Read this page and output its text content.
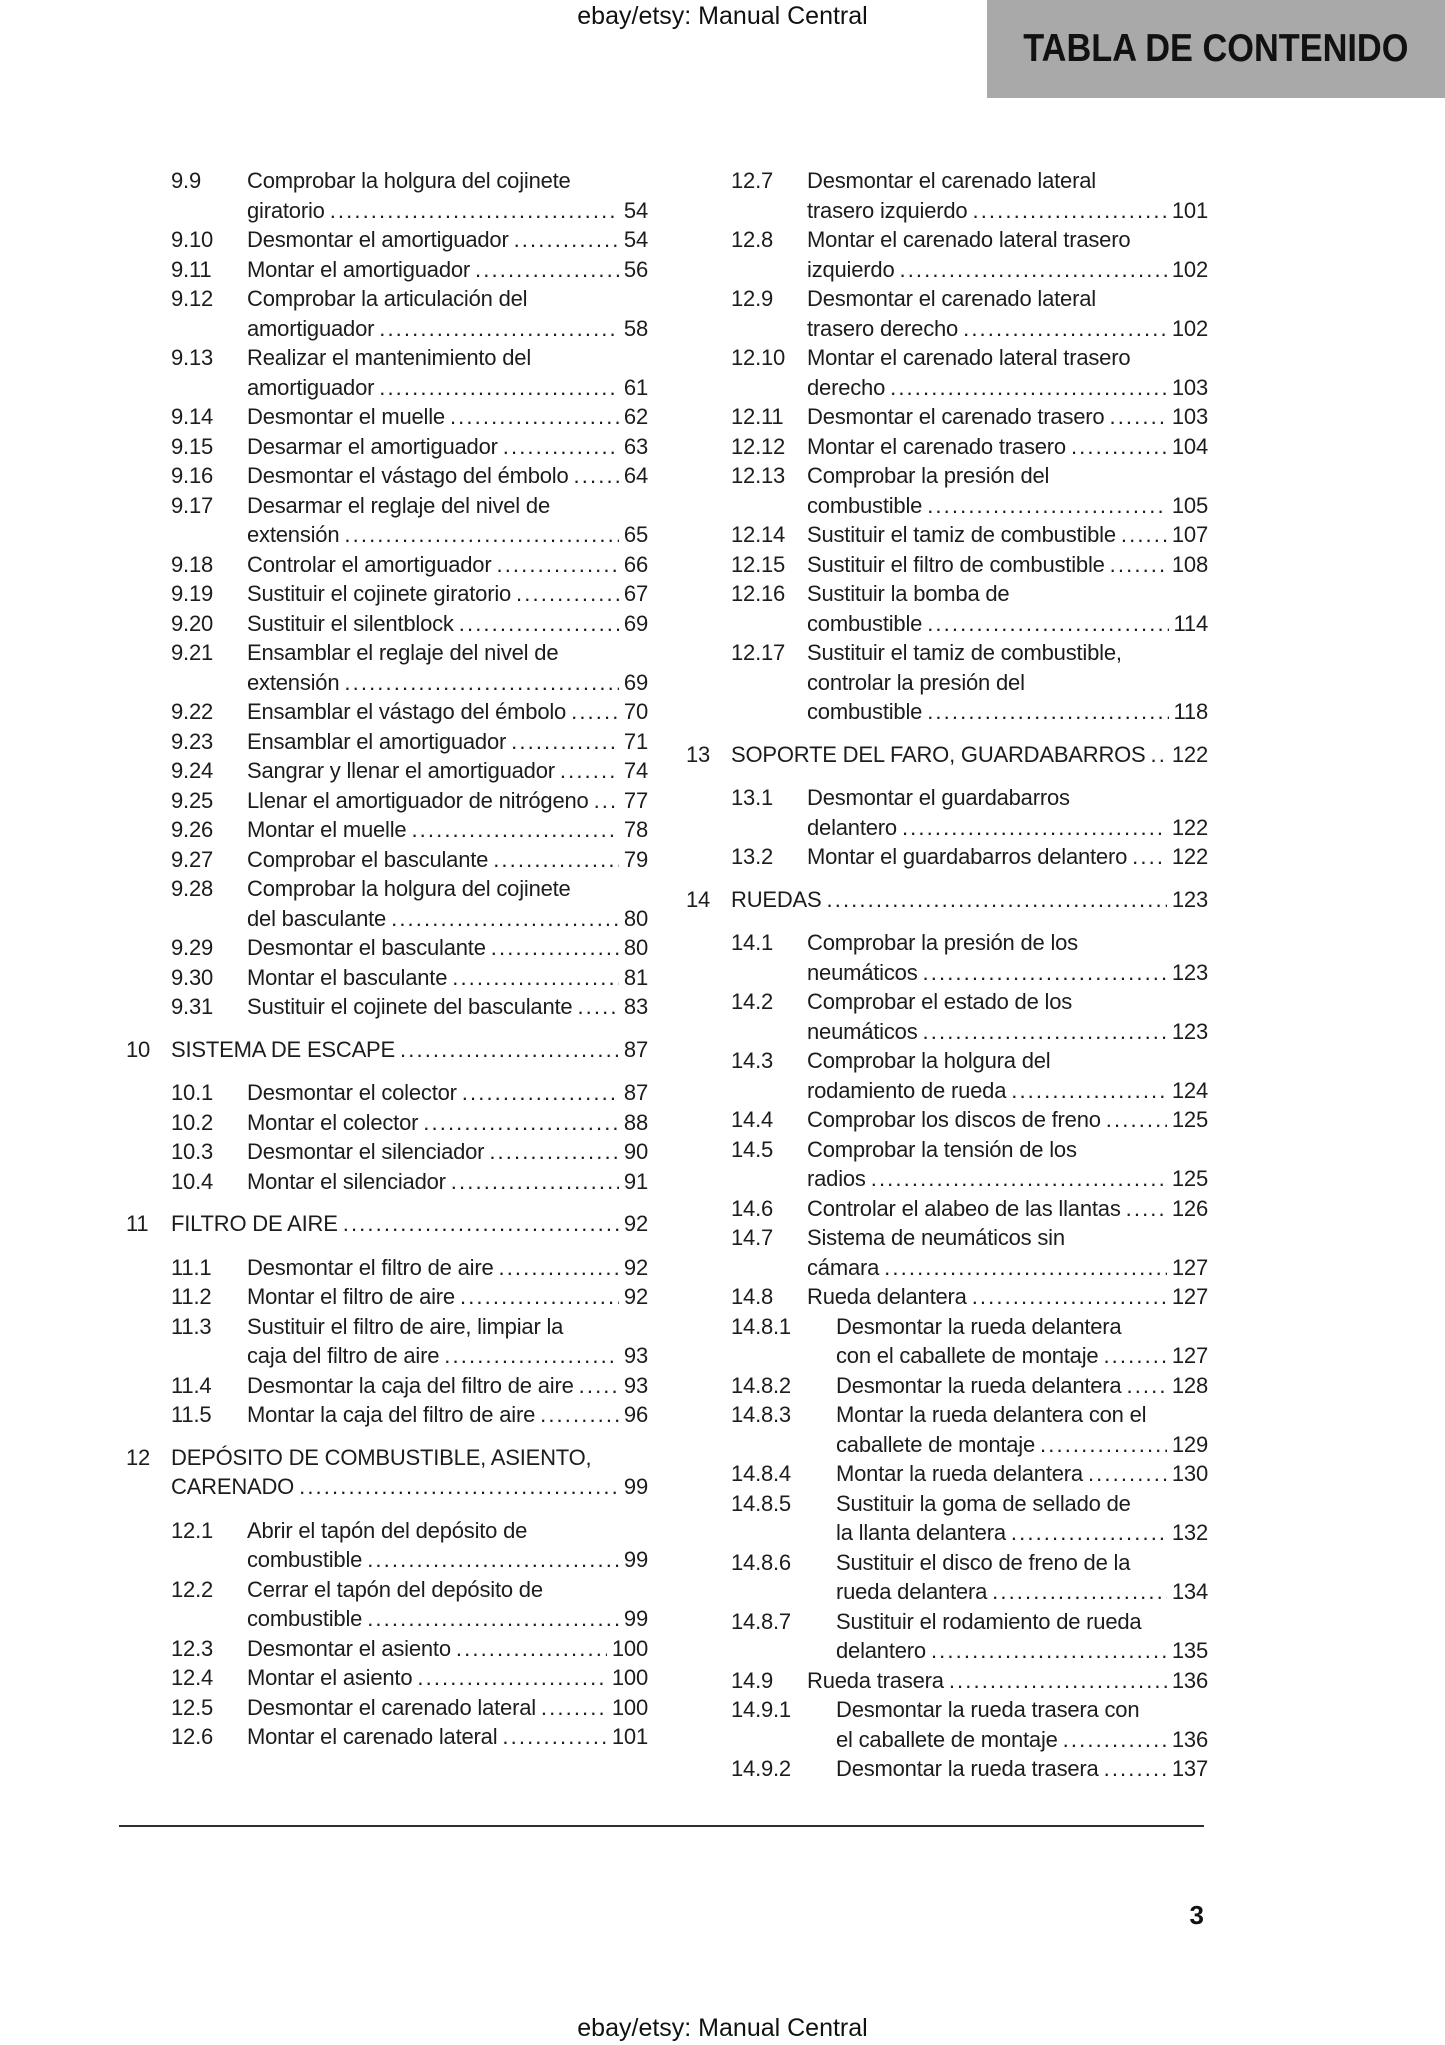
ebay/etsy: Manual Central
TABLA DE CONTENIDO
9.9	Comprobar la holgura del cojinete
giratorio . . .	54
9.10	Desmontar el amortiguador . . .	54
9.11	Montar el amortiguador . . .	56
9.12	Comprobar la articulación del
amortiguador . . .	58
9.13	Realizar el mantenimiento del
amortiguador . . .	61
9.14	Desmontar el muelle . . .	62
9.15	Desarmar el amortiguador . . .	63
9.16	Desmontar el vástago del émbolo . . .	64
9.17	Desarmar el reglaje del nivel de
extensión . . .	65
9.18	Controlar el amortiguador . . .	66
9.19	Sustituir el cojinete giratorio . . .	67
9.20	Sustituir el silentblock . . .	69
9.21	Ensamblar el reglaje del nivel de
extensión . . .	69
9.22	Ensamblar el vástago del émbolo . . .	70
9.23	Ensamblar el amortiguador . . .	71
9.24	Sangrar y llenar el amortiguador . . .	74
9.25	Llenar el amortiguador de nitrógeno . . . 77
9.26	Montar el muelle . . .	78
9.27	Comprobar el basculante . . .	79
9.28	Comprobar la holgura del cojinete
del basculante . . .	80
9.29	Desmontar el basculante . . .	80
9.30	Montar el basculante . . .	81
9.31	Sustituir el cojinete del basculante . . . 83
10 SISTEMA DE ESCAPE . . .	87
10.1	Desmontar el colector . . .	87
10.2	Montar el colector . . .	88
10.3	Desmontar el silenciador . . .	90
10.4	Montar el silenciador . . .	91
11	FILTRO DE AIRE . . .	92
11.1	Desmontar el filtro de aire . . .	92
11.2	Montar el filtro de aire . . .	92
11.3	Sustituir el filtro de aire, limpiar la
caja del filtro de aire . . .	93
11.4	Desmontar la caja del filtro de aire . . . 93
11.5	Montar la caja del filtro de aire . . .	96
12 DEPÓSITO DE COMBUSTIBLE, ASIENTO,
CARENADO . . .	99
12.1	Abrir el tapón del depósito de
combustible . . .	99
12.2	Cerrar el tapón del depósito de
combustible . . .	99
12.3	Desmontar el asiento . . .	100
12.4	Montar el asiento . . .	100
12.5	Desmontar el carenado lateral . . .	100
12.6	Montar el carenado lateral . . .	101
12.7	Desmontar el carenado lateral
trasero izquierdo . . .	101
12.8	Montar el carenado lateral trasero
izquierdo . . .	102
12.9	Desmontar el carenado lateral
trasero derecho . . .	102
12.10 Montar el carenado lateral trasero
derecho . . .	103
12.11	Desmontar el carenado trasero . . .	103
12.12 Montar el carenado trasero . . .	104
12.13 Comprobar la presión del
combustible . . .	105
12.14 Sustituir el tamiz de combustible . . .	107
12.15 Sustituir el filtro de combustible . . .	108
12.16 Sustituir la bomba de
combustible . . .	114
12.17 Sustituir el tamiz de combustible,
controlar la presión del
combustible . . .	118
13 SOPORTE DEL FARO, GUARDABARROS . . . 122
13.1	Desmontar el guardabarros
delantero . . .	122
13.2	Montar el guardabarros delantero . . . 122
14 RUEDAS . . .	123
14.1	Comprobar la presión de los
neumáticos . . .	123
14.2	Comprobar el estado de los
neumáticos . . .	123
14.3	Comprobar la holgura del
rodamiento de rueda . . .	124
14.4	Comprobar los discos de freno . . .	125
14.5	Comprobar la tensión de los
radios . . .	125
14.6	Controlar el alabeo de las llantas . . . 126
14.7	Sistema de neumáticos sin
cámara . . .	127
14.8	Rueda delantera . . .	127
14.8.1	Desmontar la rueda delantera
con el caballete de montaje . . .	127
14.8.2	Desmontar la rueda delantera . . . 128
14.8.3	Montar la rueda delantera con el
caballete de montaje . . .	129
14.8.4	Montar la rueda delantera . . .	130
14.8.5	Sustituir la goma de sellado de
la llanta delantera . . .	132
14.8.6	Sustituir el disco de freno de la
rueda delantera . . .	134
14.8.7	Sustituir el rodamiento de rueda
delantero . . .	135
14.9	Rueda trasera . . .	136
14.9.1	Desmontar la rueda trasera con
el caballete de montaje . . .	136
14.9.2	Desmontar la rueda trasera . . .	137
3
ebay/etsy: Manual Central
